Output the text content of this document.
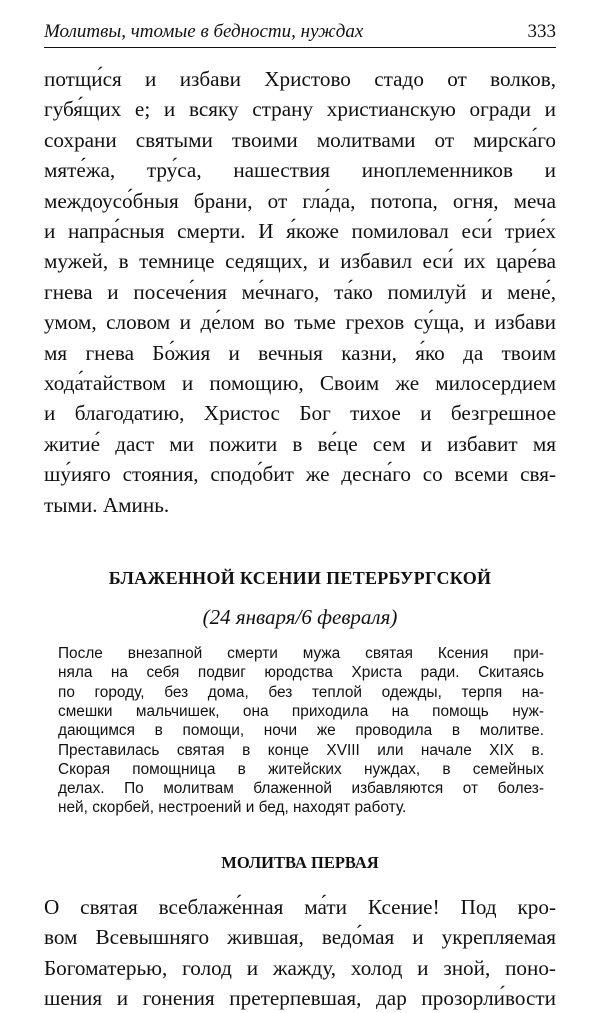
Молитвы, чтомые в бедности, нуждах	333
потщи́ся и избави Христово стадо от волков,
губя́щих е; и всяку страну христианскую огради и
сохрани святыми твоими молитвами от мирска́го
мяте́жа, тру́са, нашествия иноплеменников и
междоусо́бныя брани, от гла́да, потопа, огня, меча
и напра́сныя смерти. И я́коже помиловал еси́ трие́х
мужей, в темнице седящих, и избавил еси́ их царе́ва
гнева и посече́ния ме́чнаго, та́ко помилуй и мене́,
умом, словом и де́лом во тьме грехов су́ща, и избави
мя гнева Бо́жия и вечныя казни, я́ко да твоим
хода́тайством и помощию, Своим же милосердием
и благодатию, Христос Бог тихое и безгрешное
житие́ даст ми пожити в ве́це сем и избавит мя
шу́ияго стояния, сподо́бит же десна́го со всеми свя-
тыми. Аминь.
БЛАЖЕННОЙ КСЕНИИ ПЕТЕРБУРГСКОЙ
(24 января/6 февраля)
После внезапной смерти мужа святая Ксения при-
няла на себя подвиг юродства Христа ради. Скитаясь
по городу, без дома, без теплой одежды, терпя на-
смешки мальчишек, она приходила на помощь нуж-
дающимся в помощи, ночи же проводила в молитве.
Преставилась святая в конце XVIII или начале XIX в.
Скорая помощница в житейских нуждах, в семейных
делах. По молитвам блаженной избавляются от болез-
ней, скорбей, нестроений и бед, находят работу.
МОЛИТВА ПЕРВАЯ
О святая всеблаже́нная ма́ти Ксение! Под кро-
вом Всевышняго жившая, ведо́мая и укрепляемая
Богоматерью, голод и жажду, холод и зной, поно-
шения и гонения претерпевшая, дар прозорли́вости
